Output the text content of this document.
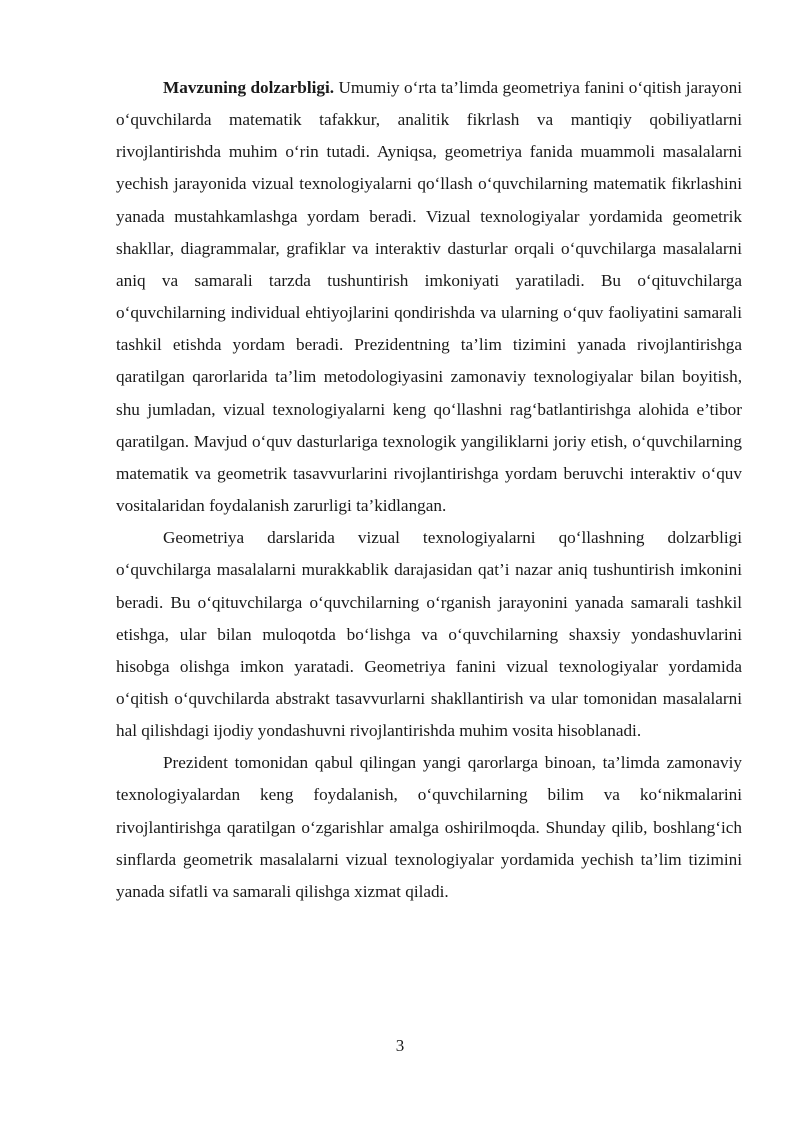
Mavzuning dolzarbligi. Umumiy o‘rta ta’limda geometriya fanini o‘qitish jarayoni o‘quvchilarda matematik tafakkur, analitik fikrlash va mantiqiy qobiliyatlarni rivojlantirishda muhim o‘rin tutadi. Ayniqsa, geometriya fanida muammoli masalalarni yechish jarayonida vizual texnologiyalarni qo‘llash o‘quvchilarning matematik fikrlashini yanada mustahkamlashga yordam beradi. Vizual texnologiyalar yordamida geometrik shakllar, diagrammalar, grafiklar va interaktiv dasturlar orqali o‘quvchilarga masalalarni aniq va samarali tarzda tushuntirish imkoniyati yaratiladi. Bu o‘qituvchilarga o‘quvchilarning individual ehtiyojlarini qondirishda va ularning o‘quv faoliyatini samarali tashkil etishda yordam beradi. Prezidentning ta’lim tizimini yanada rivojlantirishga qaratilgan qarorlarida ta’lim metodologiyasini zamonaviy texnologiyalar bilan boyitish, shu jumladan, vizual texnologiyalarni keng qo‘llashni rag‘batlantirishga alohida e’tibor qaratilgan. Mavjud o‘quv dasturlariga texnologik yangiliklarni joriy etish, o‘quvchilarning matematik va geometrik tasavvurlarini rivojlantirishga yordam beruvchi interaktiv o‘quv vositalaridan foydalanish zarurligi ta’kidlangan.

Geometriya darslarida vizual texnologiyalarni qo‘llashning dolzarbligi o‘quvchilarga masalalarni murakkablik darajasidan qat’i nazar aniq tushuntirish imkonini beradi. Bu o‘qituvchilarga o‘quvchilarning o‘rganish jarayonini yanada samarali tashkil etishga, ular bilan muloqotda bo‘lishga va o‘quvchilarning shaxsiy yondashuvlarini hisobga olishga imkon yaratadi. Geometriya fanini vizual texnologiyalar yordamida o‘qitish o‘quvchilarda abstrakt tasavvurlarni shakllantirish va ular tomonidan masalalarni hal qilishdagi ijodiy yondashuvni rivojlantirishda muhim vosita hisoblanadi.

Prezident tomonidan qabul qilingan yangi qarorlarga binoan, ta’limda zamonaviy texnologiyalardan keng foydalanish, o‘quvchilarning bilim va ko‘nikmalarini rivojlantirishga qaratilgan o‘zgarishlar amalga oshirilmoqda. Shunday qilib, boshlang‘ich sinflarda geometrik masalalarni vizual texnologiyalar yordamida yechish ta’lim tizimini yanada sifatli va samarali qilishga xizmat qiladi.

3
